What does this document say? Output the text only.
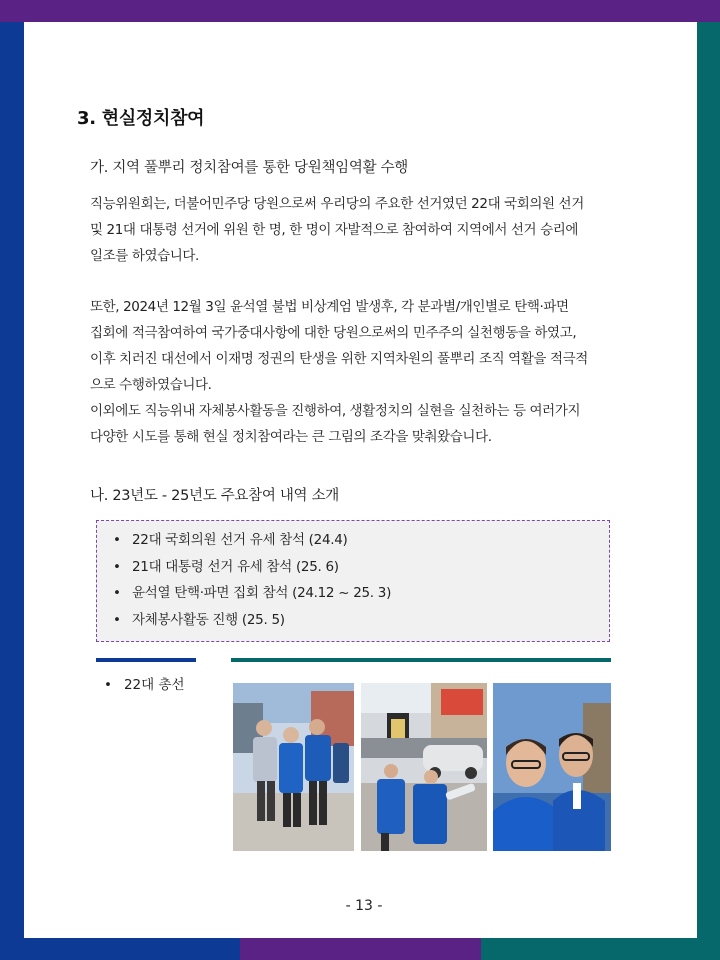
3. 현실정치참여
가. 지역 풀뿌리 정치참여를 통한 당원책임역활 수행

직능위원회는, 더불어민주당 당원으로써 우리당의 주요한 선거였던 22대 국회의원 선거

및 21대 대통령 선거에 위원 한 명, 한 명이 자발적으로 참여하여 지역에서 선거 승리에

일조를 하였습니다.

또한, 2024년 12월 3일 윤석열 불법 비상계엄 발생후, 각 분과별/개인별로 탄핵·파면

집회에 적극참여하여 국가중대사항에 대한 당원으로써의 민주주의 실천행동을 하였고,

이후 치러진 대선에서 이재명 정권의 탄생을 위한 지역차원의 풀뿌리 조직 역활을 적극적

으로 수행하였습니다.

이외에도 직능위내 자체봉사활동을 진행하여, 생활정치의 실현을 실천하는 등 여러가지

다양한 시도를 통해 현실 정치참여라는 큰 그림의 조각을 맞춰왔습니다.

나. 23년도 - 25년도 주요참여 내역 소개
• 22대 국회의원 선거 유세 참석 (24.4)
• 21대 대통령 선거 유세 참석 (25. 6)
• 윤석열 탄핵·파면 집회 참석 (24.12 ~ 25. 3)
• 자체봉사활동 진행 (25. 5)
• 22대 총선
- 13 -
